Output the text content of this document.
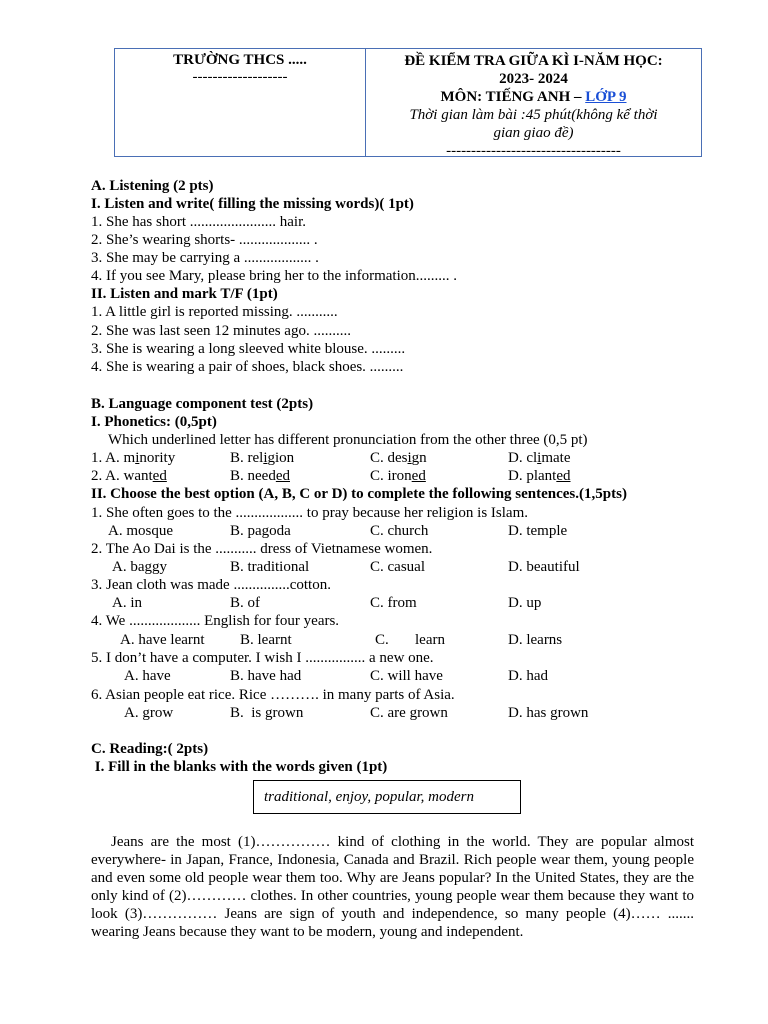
TRƯỜNG THCS .....
-------------------
ĐỀ KIỂM TRA GIỮA KÌ I-NĂM HỌC:
2023- 2024
MÔN: TIẾNG ANH – LỚP 9
Thời gian làm bài :45 phút(không kể thời
gian giao đề)
-----------------------------------
A. Listening (2 pts)
I. Listen and write( filling the missing words)( 1pt)
1. She has short ....................... hair.
2. She’s wearing shorts- ................... .
3. She may be carrying a .................. .
4. If you see Mary, please bring her to the information......... .
II. Listen and mark T/F (1pt)
1. A little girl is reported missing. ...........
2. She was last seen 12 minutes ago. ..........
3. She is wearing a long sleeved white blouse. .........
4. She is wearing a pair of shoes, black shoes. .........
B. Language component test (2pts)
I. Phonetics: (0,5pt)
Which underlined letter has different pronunciation from the other three (0,5 pt)
1. A. minority	B. religion	C. design	D. climate
2. A. wanted	B. needed	C. ironed	D. planted
II. Choose the best option (A, B, C or D) to complete the following sentences.(1,5pts)
1. She often goes to the .................. to pray because her religion is Islam.
A. mosque	B. pagoda	C. church	D. temple
2. The Ao Dai is the ........... dress of Vietnamese women.
A. baggy	B. traditional	C. casual	D. beautiful
3. Jean cloth was made ...............cotton.
A. in	B. of	C. from	D. up
4. We ................... English for four years.
A. have learnt B. learnt	C.       learn	D. learns
5. I don’t have a computer. I wish I ................ a new one.
A. have	B. have had	C. will have	D. had
6. Asian people eat rice. Rice ………. in many parts of Asia.
A. grow	B.  is grown	C. are grown	D. has grown
C. Reading:( 2pts)
I. Fill in the blanks with the words given (1pt)
traditional, enjoy, popular, modern
Jeans are the most (1)…………… kind of clothing in the world. They are popular almost everywhere- in Japan, France, Indonesia, Canada and Brazil. Rich people wear them, young people and even some old people wear them too. Why are Jeans popular? In the United States, they are the only kind of (2)………… clothes. In other countries, young people wear them because they want to look (3)…………… Jeans are sign of youth and independence, so many people (4)…… ....... wearing Jeans because they want to be modern, young and independent.
